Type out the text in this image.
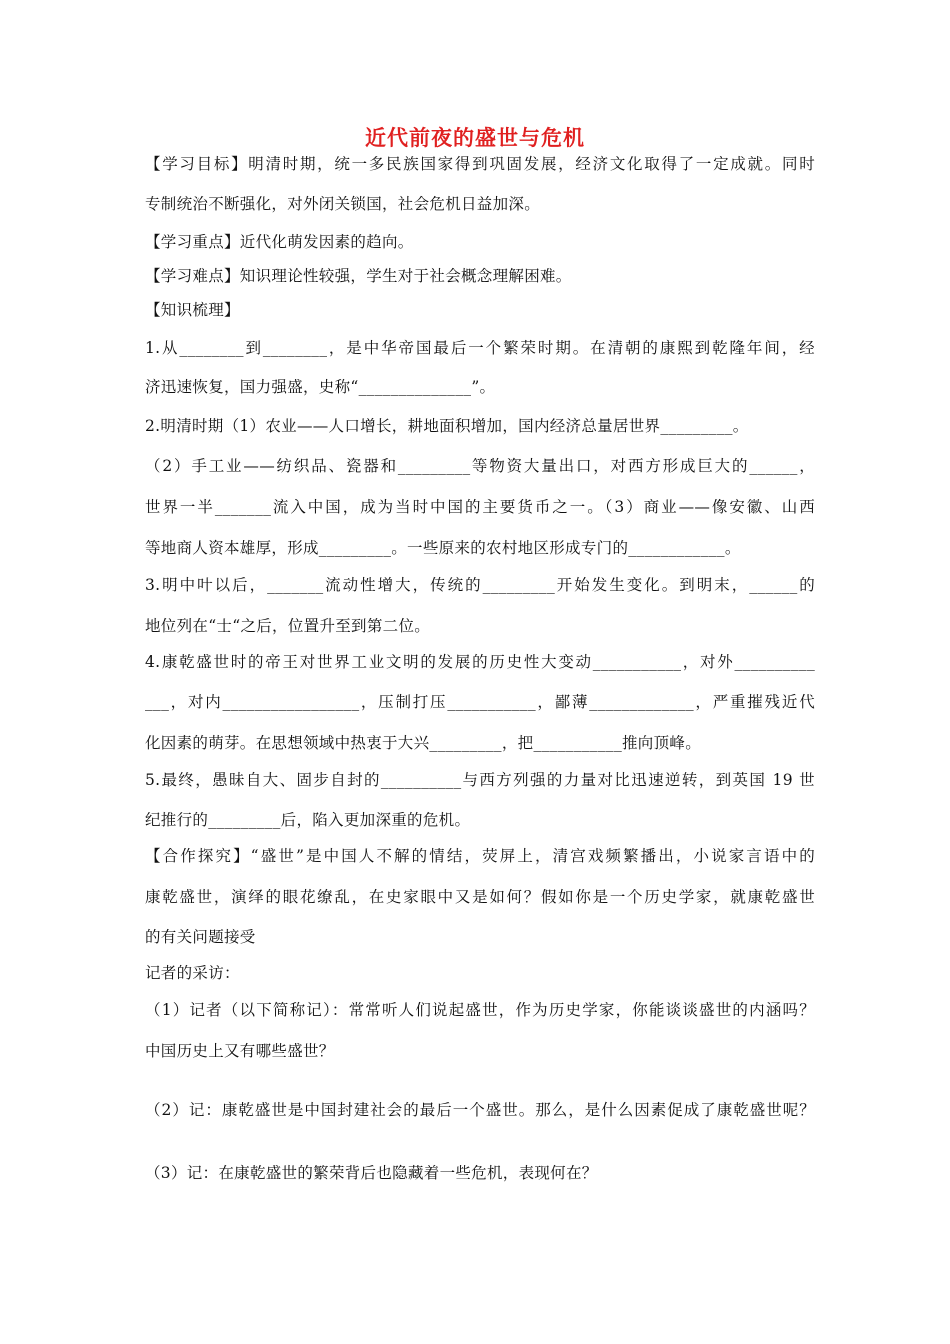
近代前夜的盛世与危机
【学习目标】明清时期，统一多民族国家得到巩固发展，经济文化取得了一定成就。同时
专制统治不断强化，对外闭关锁国，社会危机日益加深。
【学习重点】近代化萌发因素的趋向。
【学习难点】知识理论性较强，学生对于社会概念理解困难。
【知识梳理】
1.从________到________，是中华帝国最后一个繁荣时期。在清朝的康熙到乾隆年间，经
济迅速恢复，国力强盛，史称“______________”。
2.明清时期（1）农业——人口增长，耕地面积增加，国内经济总量居世界_________。
（2）手工业——纺织品、瓷器和_________等物资大量出口，对西方形成巨大的______，
世界一半_______流入中国，成为当时中国的主要货币之一。（3）商业——像安徽、山西
等地商人资本雄厚，形成_________。一些原来的农村地区形成专门的____________。
3.明中叶以后，_______流动性增大，传统的_________开始发生变化。到明末，______的
地位列在“士“之后，位置升至到第二位。
4.康乾盛世时的帝王对世界工业文明的发展的历史性大变动___________，对外__________
___，对内_________________，压制打压___________，鄙薄_____________，严重摧残近代
化因素的萌芽。在思想领域中热衷于大兴_________，把___________推向顶峰。
5.最终，愚昧自大、固步自封的__________与西方列强的力量对比迅速逆转，到英国 19 世
纪推行的_________后，陷入更加深重的危机。
【合作探究】“盛世”是中国人不解的情结，荧屏上，清宫戏频繁播出，小说家言语中的
康乾盛世，演绎的眼花缭乱，在史家眼中又是如何？假如你是一个历史学家，就康乾盛世
的有关问题接受
记者的采访：
（1）记者（以下简称记）：常常听人们说起盛世，作为历史学家，你能谈谈盛世的内涵吗？
中国历史上又有哪些盛世？
（2）记：康乾盛世是中国封建社会的最后一个盛世。那么，是什么因素促成了康乾盛世呢？
（3）记：在康乾盛世的繁荣背后也隐藏着一些危机，表现何在？
